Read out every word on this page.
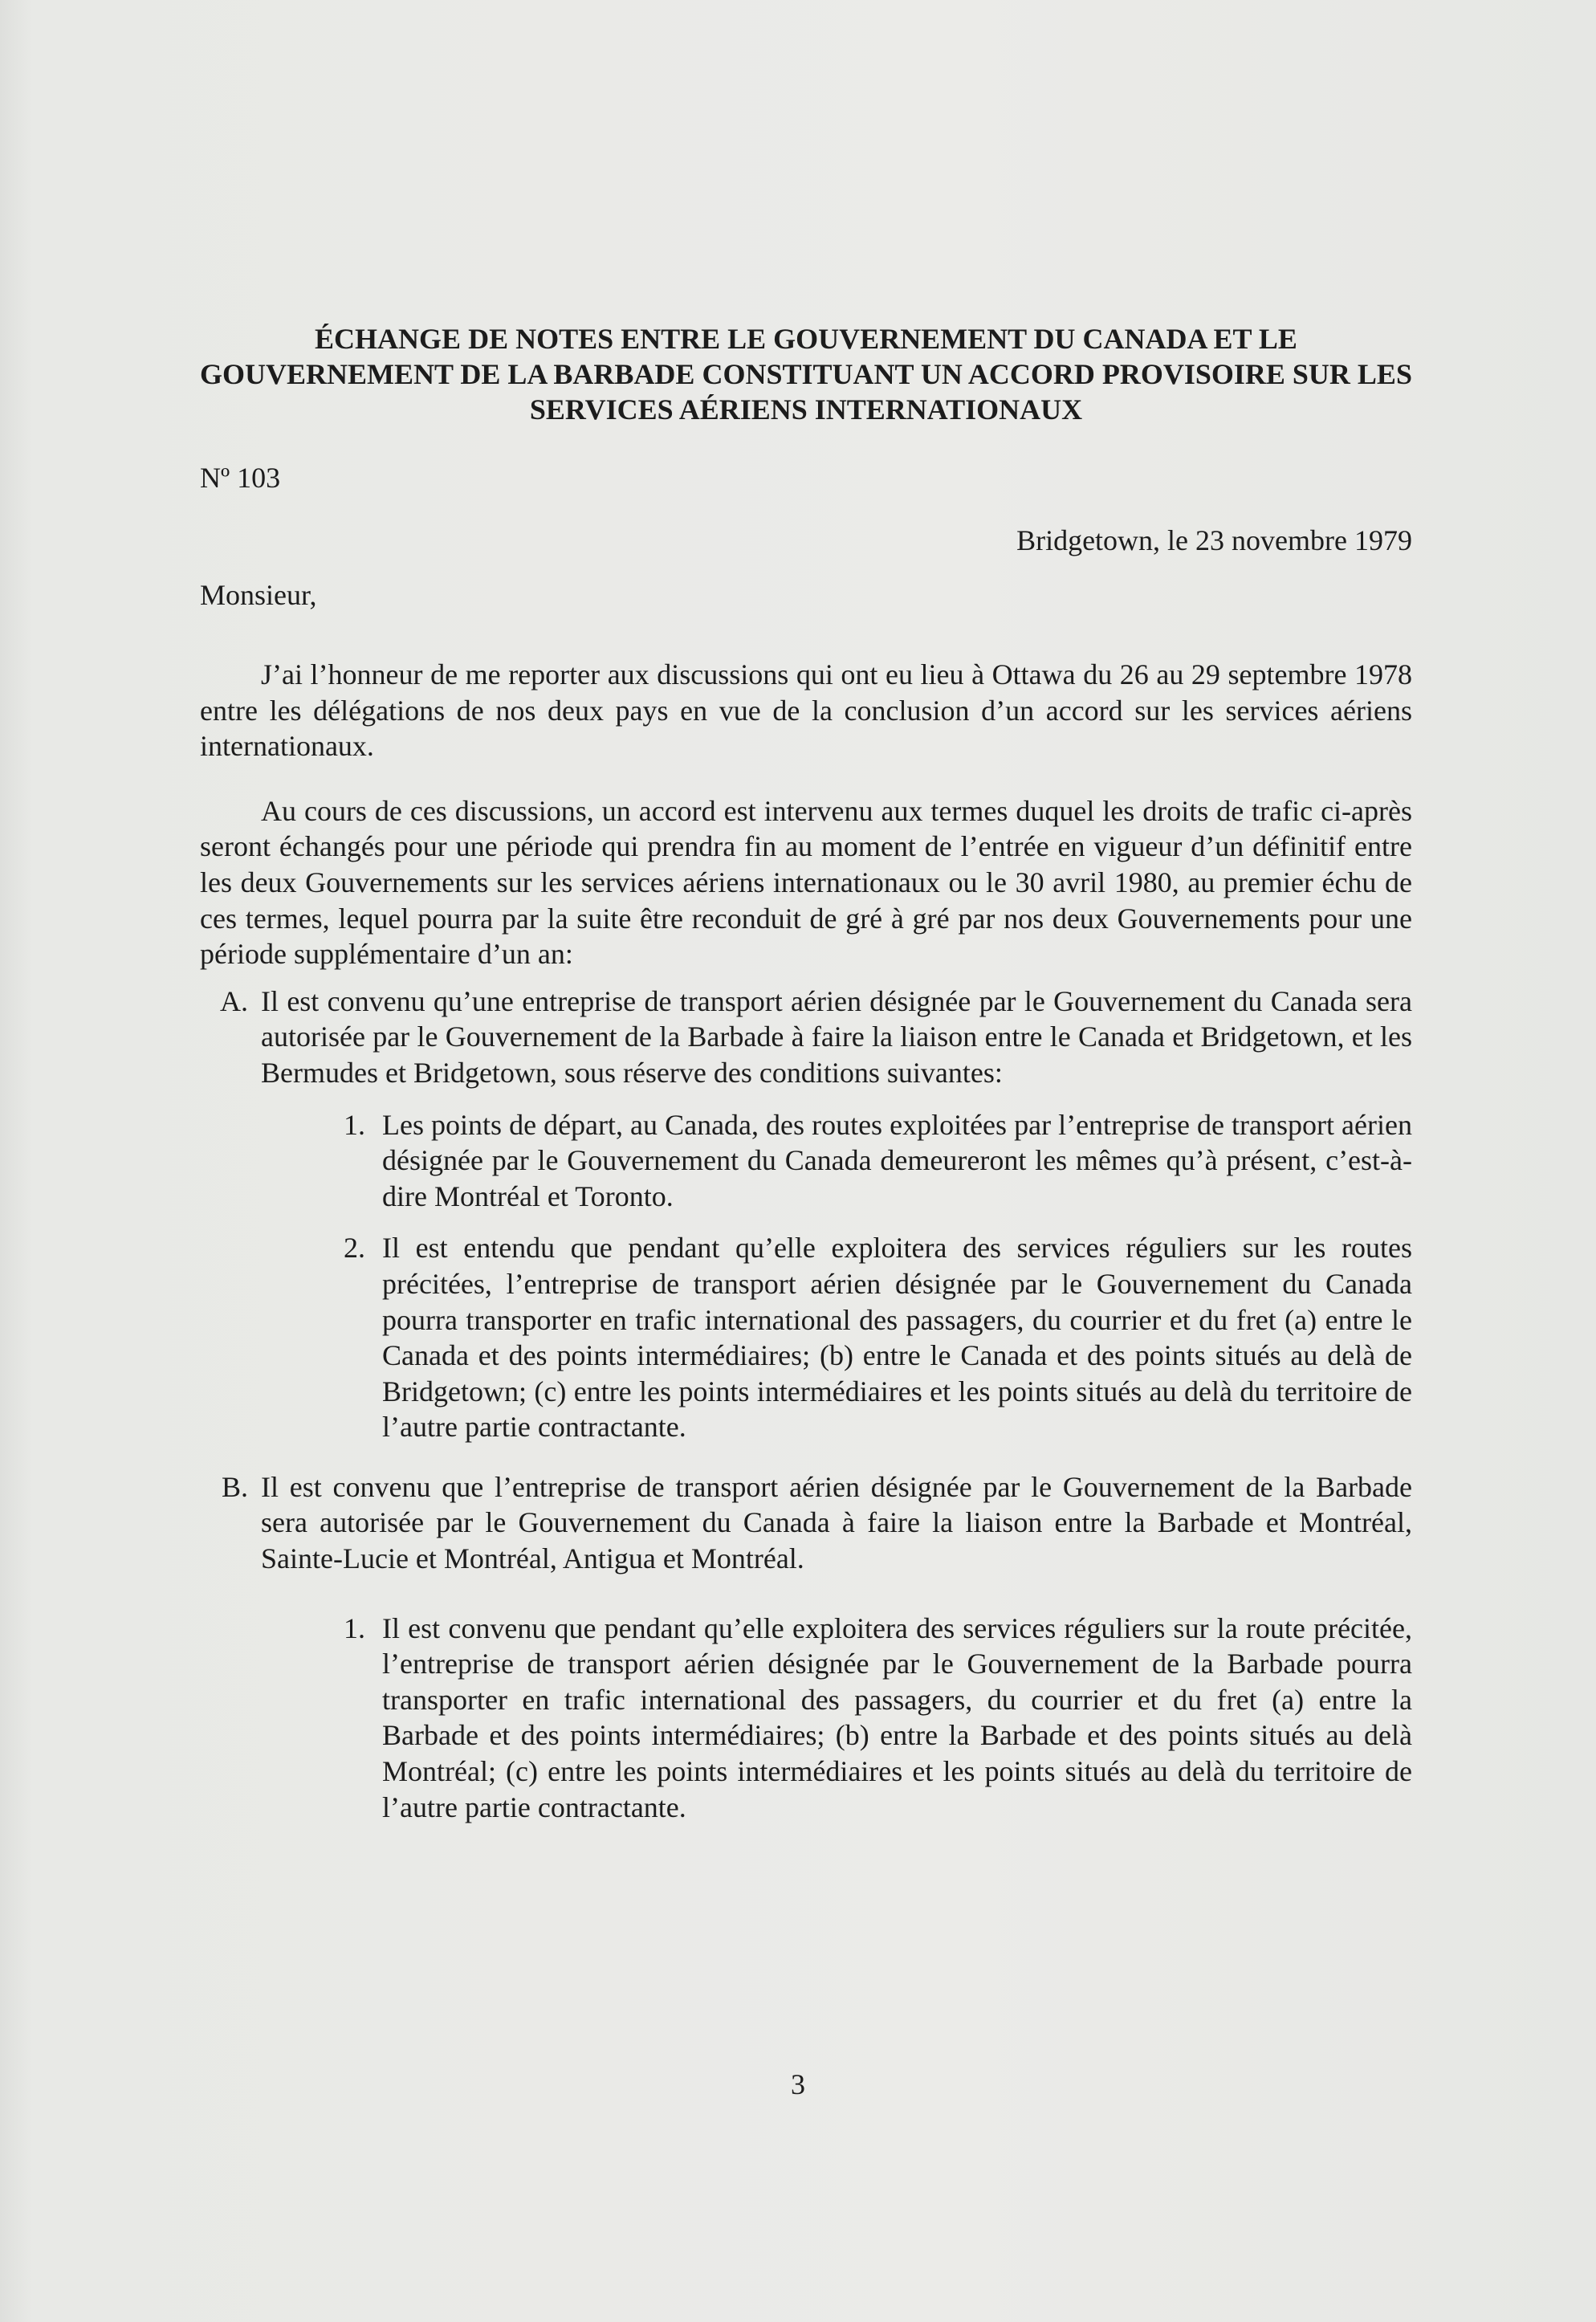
ÉCHANGE DE NOTES ENTRE LE GOUVERNEMENT DU CANADA ET LE GOUVERNEMENT DE LA BARBADE CONSTITUANT UN ACCORD PROVISOIRE SUR LES SERVICES AÉRIENS INTERNATIONAUX
Nº 103
Bridgetown, le 23 novembre 1979
Monsieur,

J’ai l’honneur de me reporter aux discussions qui ont eu lieu à Ottawa du 26 au 29 septembre 1978 entre les délégations de nos deux pays en vue de la conclusion d’un accord sur les services aériens internationaux.

Au cours de ces discussions, un accord est intervenu aux termes duquel les droits de trafic ci-après seront échangés pour une période qui prendra fin au moment de l’entrée en vigueur d’un définitif entre les deux Gouvernements sur les services aériens internationaux ou le 30 avril 1980, au premier échu de ces termes, lequel pourra par la suite être reconduit de gré à gré par nos deux Gouvernements pour une période supplémentaire d’un an:

A. Il est convenu qu’une entreprise de transport aérien désignée par le Gouvernement du Canada sera autorisée par le Gouvernement de la Barbade à faire la liaison entre le Canada et Bridgetown, et les Bermudes et Bridgetown, sous réserve des conditions suivantes:
1. Les points de départ, au Canada, des routes exploitées par l’entreprise de transport aérien désignée par le Gouvernement du Canada demeureront les mêmes qu’à présent, c’est-à-dire Montréal et Toronto.
2. Il est entendu que pendant qu’elle exploitera des services réguliers sur les routes précitées, l’entreprise de transport aérien désignée par le Gouvernement du Canada pourra transporter en trafic international des passagers, du courrier et du fret (a) entre le Canada et des points intermédiaires; (b) entre le Canada et des points situés au delà de Bridgetown; (c) entre les points intermédiaires et les points situés au delà du territoire de l’autre partie contractante.
B. Il est convenu que l’entreprise de transport aérien désignée par le Gouvernement de la Barbade sera autorisée par le Gouvernement du Canada à faire la liaison entre la Barbade et Montréal, Sainte-Lucie et Montréal, Antigua et Montréal.
1. Il est convenu que pendant qu’elle exploitera des services réguliers sur la route précitée, l’entreprise de transport aérien désignée par le Gouvernement de la Barbade pourra transporter en trafic international des passagers, du courrier et du fret (a) entre la Barbade et des points intermédiaires; (b) entre la Barbade et des points situés au delà Montréal; (c) entre les points intermédiaires et les points situés au delà du territoire de l’autre partie contractante.
3
